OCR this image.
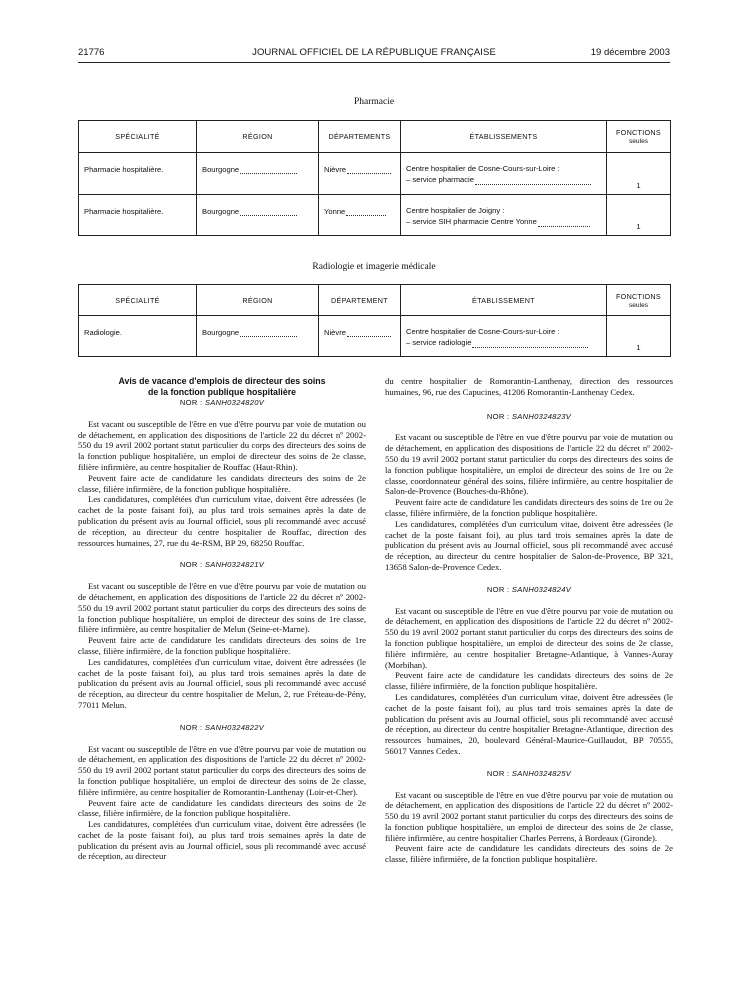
21776	JOURNAL OFFICIEL DE LA RÉPUBLIQUE FRANÇAISE	19 décembre 2003
Pharmacie
SPÉCIALITÉ	RÉGION	DÉPARTEMENTS	ÉTABLISSEMENTS	FONCTIONS
seules

Pharmacie hospitalière.	Bourgogne	Nièvre	Centre hospitalier de Cosne-Cours-sur-Loire :
– service pharmacie	1
Pharmacie hospitalière.	Bourgogne	Yonne	Centre hospitalier de Joigny :
– service SIH pharmacie Centre Yonne	1
Radiologie et imagerie médicale
SPÉCIALITÉ	RÉGION	DÉPARTEMENT	ÉTABLISSEMENT	FONCTIONS
seules

Radiologie.	Bourgogne	Nièvre	Centre hospitalier de Cosne-Cours-sur-Loire :
– service radiologie	1
Avis de vacance d'emplois de directeur des soins
de la fonction publique hospitalière
NOR : SANH0324820V

Est vacant ou susceptible de l'être en vue d'être pourvu par voie de mutation ou de détachement, en application des dispositions de l'article 22 du décret nº 2002-550 du 19 avril 2002 portant statut particulier du corps des directeurs des soins de la fonction publique hospitalière, un emploi de directeur des soins de 2e classe, filière infirmière, au centre hospitalier de Rouffac (Haut-Rhin).

Peuvent faire acte de candidature les candidats directeurs des soins de 2e classe, filière infirmière, de la fonction publique hospitalière.

Les candidatures, complétées d'un curriculum vitae, doivent être adressées (le cachet de la poste faisant foi), au plus tard trois semaines après la date de publication du présent avis au Journal officiel, sous pli recommandé avec accusé de réception, au directeur du centre hospitalier de Rouffac, direction des ressources humaines, 27, rue du 4e-RSM, BP 29, 68250 Rouffac.

NOR : SANH0324821V

Est vacant ou susceptible de l'être en vue d'être pourvu par voie de mutation ou de détachement, en application des dispositions de l'article 22 du décret nº 2002-550 du 19 avril 2002 portant statut particulier du corps des directeurs des soins de la fonction publique hospitalière, un emploi de directeur des soins de 1re classe, filière infirmière, au centre hospitalier de Melun (Seine-et-Marne).

Peuvent faire acte de candidature les candidats directeurs des soins de 1re classe, filière infirmière, de la fonction publique hospitalière.

Les candidatures, complétées d'un curriculum vitae, doivent être adressées (le cachet de la poste faisant foi), au plus tard trois semaines après la date de publication du présent avis au Journal officiel, sous pli recommandé avec accusé de réception, au directeur du centre hospitalier de Melun, 2, rue Fréteau-de-Pény, 77011 Melun.

NOR : SANH0324822V

Est vacant ou susceptible de l'être en vue d'être pourvu par voie de mutation ou de détachement, en application des dispositions de l'article 22 du décret nº 2002-550 du 19 avril 2002 portant statut particulier du corps des directeurs des soins de la fonction publique hospitalière, un emploi de directeur des soins de 2e classe, filière infirmière, au centre hospitalier de Romorantin-Lanthenay (Loir-et-Cher).

Peuvent faire acte de candidature les candidats directeurs des soins de 2e classe, filière infirmière, de la fonction publique hospitalière.

Les candidatures, complétées d'un curriculum vitae, doivent être adressées (le cachet de la poste faisant foi), au plus tard trois semaines après la date de publication du présent avis au Journal officiel, sous pli recommandé avec accusé de réception, au directeur

du centre hospitalier de Romorantin-Lanthenay, direction des ressources humaines, 96, rue des Capucines, 41206 Romorantin-Lanthenay Cedex.

NOR : SANH0324823V

Est vacant ou susceptible de l'être en vue d'être pourvu par voie de mutation ou de détachement, en application des dispositions de l'article 22 du décret nº 2002-550 du 19 avril 2002 portant statut particulier du corps des directeurs des soins de la fonction publique hospitalière, un emploi de directeur des soins de 1re ou 2e classe, coordonnateur général des soins, filière infirmière, au centre hospitalier de Salon-de-Provence (Bouches-du-Rhône).

Peuvent faire acte de candidature les candidats directeurs des soins de 1re ou 2e classe, filière infirmière, de la fonction publique hospitalière.

Les candidatures, complétées d'un curriculum vitae, doivent être adressées (le cachet de la poste faisant foi), au plus tard trois semaines après la date de publication du présent avis au Journal officiel, sous pli recommandé avec accusé de réception, au directeur du centre hospitalier de Salon-de-Provence, BP 321, 13658 Salon-de-Provence Cedex.

NOR : SANH0324824V

Est vacant ou susceptible de l'être en vue d'être pourvu par voie de mutation ou de détachement, en application des dispositions de l'article 22 du décret nº 2002-550 du 19 avril 2002 portant statut particulier du corps des directeurs des soins de la fonction publique hospitalière, un emploi de directeur des soins de 2e classe, filière infirmière, au centre hospitalier Bretagne-Atlantique, à Vannes-Auray (Morbihan).

Peuvent faire acte de candidature les candidats directeurs des soins de 2e classe, filière infirmière, de la fonction publique hospitalière.

Les candidatures, complétées d'un curriculum vitae, doivent être adressées (le cachet de la poste faisant foi), au plus tard trois semaines après la date de publication du présent avis au Journal officiel, sous pli recommandé avec accusé de réception, au directeur du centre hospitalier Bretagne-Atlantique, direction des ressources humaines, 20, boulevard Général-Maurice-Guillaudot, BP 70555, 56017 Vannes Cedex.

NOR : SANH0324825V

Est vacant ou susceptible de l'être en vue d'être pourvu par voie de mutation ou de détachement, en application des dispositions de l'article 22 du décret nº 2002-550 du 19 avril 2002 portant statut particulier du corps des directeurs des soins de la fonction publique hospitalière, un emploi de directeur des soins de 2e classe, filière infirmière, au centre hospitalier Charles Perrens, à Bordeaux (Gironde).

Peuvent faire acte de candidature les candidats directeurs des soins de 2e classe, filière infirmière, de la fonction publique hospitalière.
